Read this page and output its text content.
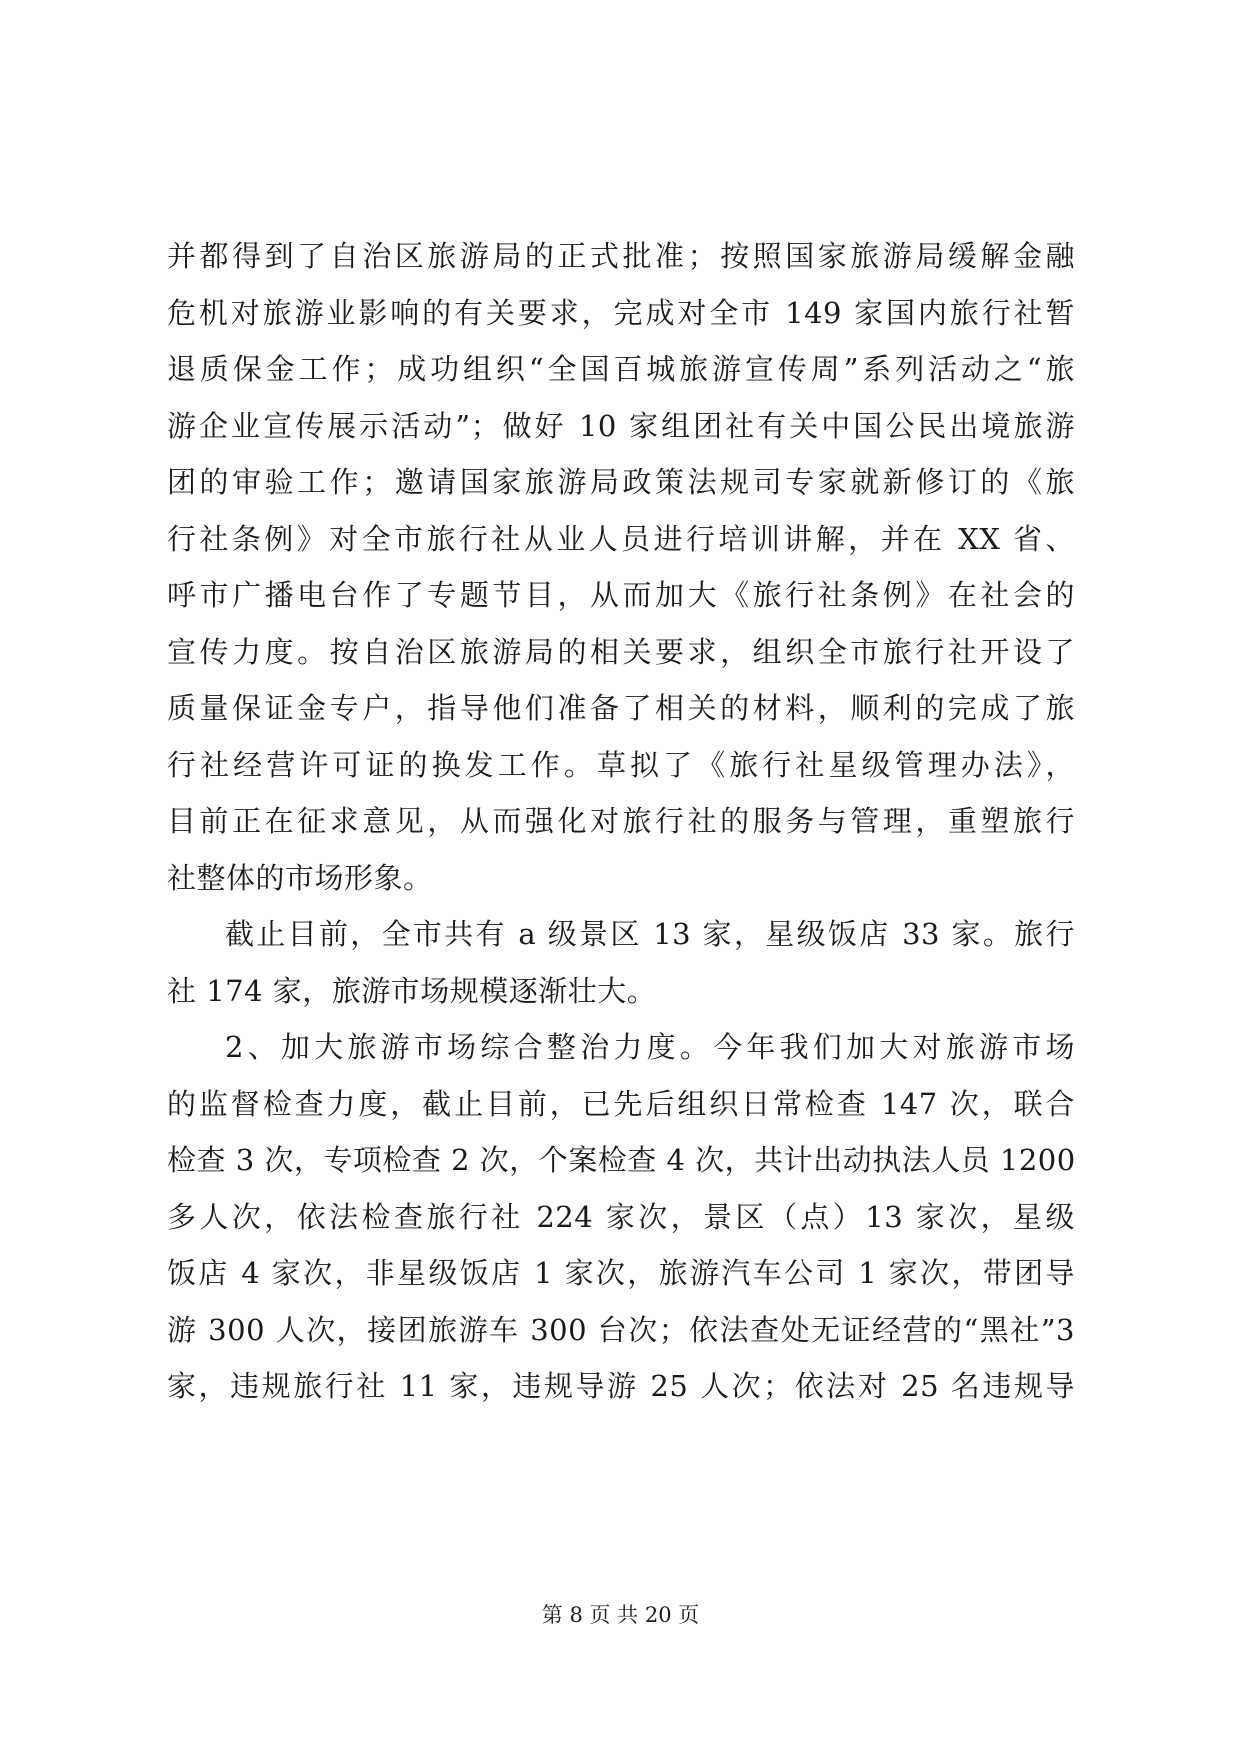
并都得到了自治区旅游局的正式批准；按照国家旅游局缓解金融
危机对旅游业影响的有关要求，完成对全市 149 家国内旅行社暂
退质保金工作；成功组织“全国百城旅游宣传周”系列活动之“旅
游企业宣传展示活动”；做好 10 家组团社有关中国公民出境旅游
团的审验工作；邀请国家旅游局政策法规司专家就新修订的《旅
行社条例》对全市旅行社从业人员进行培训讲解，并在 XX 省、
呼市广播电台作了专题节目，从而加大《旅行社条例》在社会的
宣传力度。按自治区旅游局的相关要求，组织全市旅行社开设了
质量保证金专户，指导他们准备了相关的材料，顺利的完成了旅
行社经营许可证的换发工作。草拟了《旅行社星级管理办法》，
目前正在征求意见，从而强化对旅行社的服务与管理，重塑旅行
社整体的市场形象。
截止目前，全市共有 a 级景区 13 家，星级饭店 33 家。旅行
社 174 家，旅游市场规模逐渐壮大。
2、加大旅游市场综合整治力度。今年我们加大对旅游市场
的监督检查力度，截止目前，已先后组织日常检查 147 次，联合
检查 3 次，专项检查 2 次，个案检查 4 次，共计出动执法人员 1200
多人次，依法检查旅行社 224 家次，景区（点）13 家次，星级
饭店 4 家次，非星级饭店 1 家次，旅游汽车公司 1 家次，带团导
游 300 人次，接团旅游车 300 台次；依法查处无证经营的“黑社”3
家，违规旅行社 11 家，违规导游 25 人次；依法对 25 名违规导
第 8 页 共 20 页
